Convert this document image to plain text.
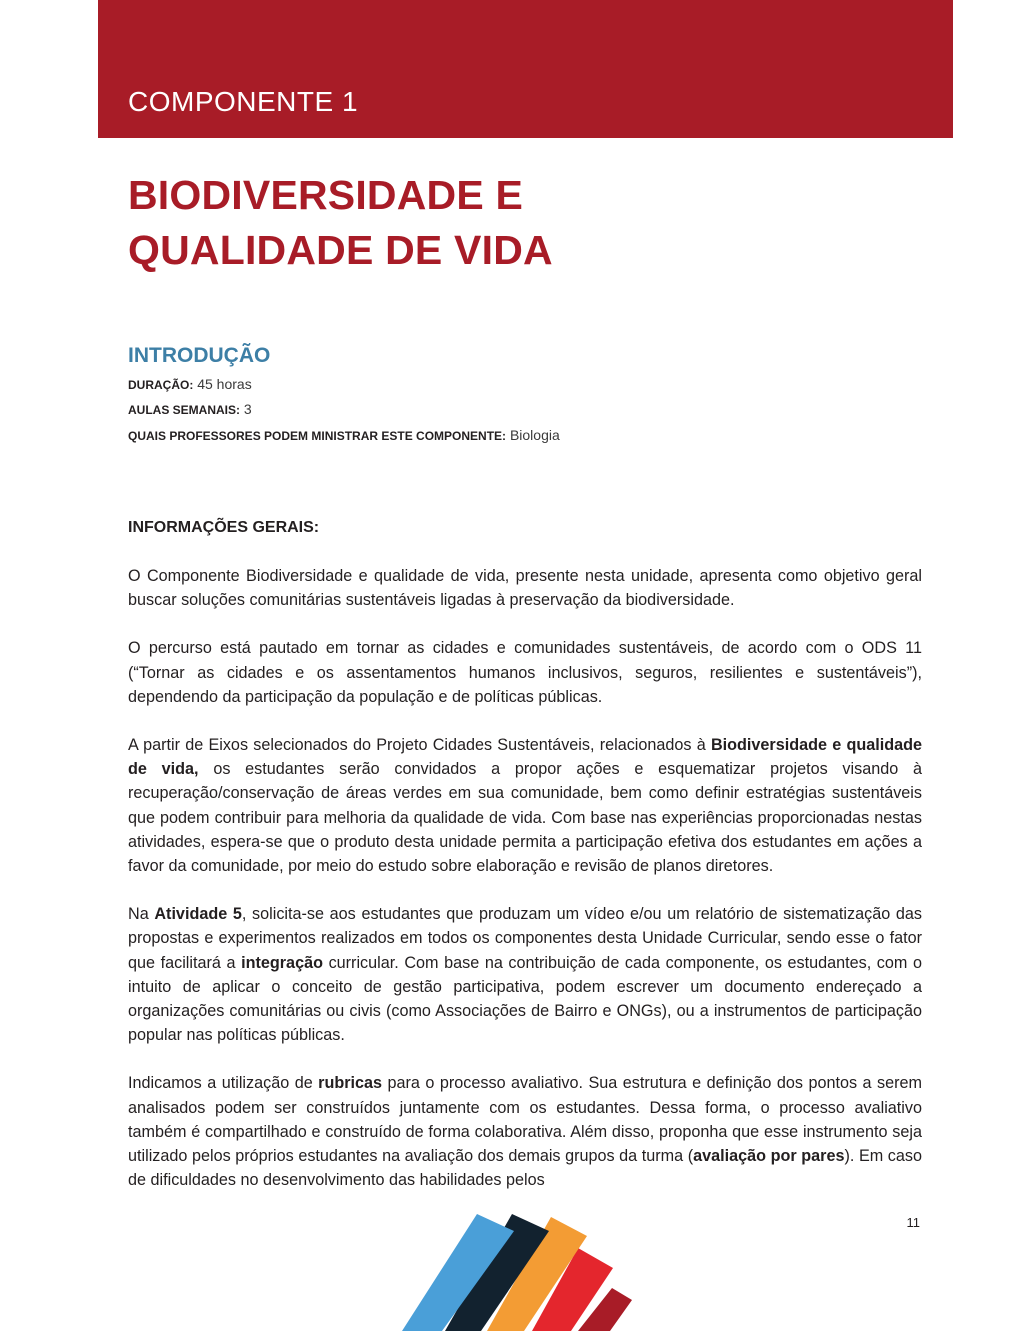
COMPONENTE 1
BIODIVERSIDADE E
QUALIDADE DE VIDA
INTRODUÇÃO
DURAÇÃO: 45 horas
AULAS SEMANAIS: 3
QUAIS PROFESSORES PODEM MINISTRAR ESTE COMPONENTE: Biologia
INFORMAÇÕES GERAIS:

O Componente Biodiversidade e qualidade de vida, presente nesta unidade, apresenta como objetivo geral buscar soluções comunitárias sustentáveis ligadas à preservação da biodiversidade.

O percurso está pautado em tornar as cidades e comunidades sustentáveis, de acordo com o ODS 11 (“Tornar as cidades e os assentamentos humanos inclusivos, seguros, resilientes e sustentáveis”), dependendo da participação da população e de políticas públicas.

A partir de Eixos selecionados do Projeto Cidades Sustentáveis, relacionados à Biodiversidade e qualidade de vida, os estudantes serão convidados a propor ações e esquematizar projetos visando à recuperação/conservação de áreas verdes em sua comunidade, bem como definir estratégias sustentáveis que podem contribuir para melhoria da qualidade de vida. Com base nas experiências proporcionadas nestas atividades, espera-se que o produto desta unidade permita a participação efetiva dos estudantes em ações a favor da comunidade, por meio do estudo sobre elaboração e revisão de planos diretores.

Na Atividade 5, solicita-se aos estudantes que produzam um vídeo e/ou um relatório de sistematização das propostas e experimentos realizados em todos os componentes desta Unidade Curricular, sendo esse o fator que facilitará a integração curricular. Com base na contribuição de cada componente, os estudantes, com o intuito de aplicar o conceito de gestão participativa, podem escrever um documento endereçado a organizações comunitárias ou civis (como Associações de Bairro e ONGs), ou a instrumentos de participação popular nas políticas públicas.

Indicamos a utilização de rubricas para o processo avaliativo. Sua estrutura e definição dos pontos a serem analisados podem ser construídos juntamente com os estudantes. Dessa forma, o processo avaliativo também é compartilhado e construído de forma colaborativa. Além disso, proponha que esse instrumento seja utilizado pelos próprios estudantes na avaliação dos demais grupos da turma (avaliação por pares). Em caso de dificuldades no desenvolvimento das habilidades pelos

11
